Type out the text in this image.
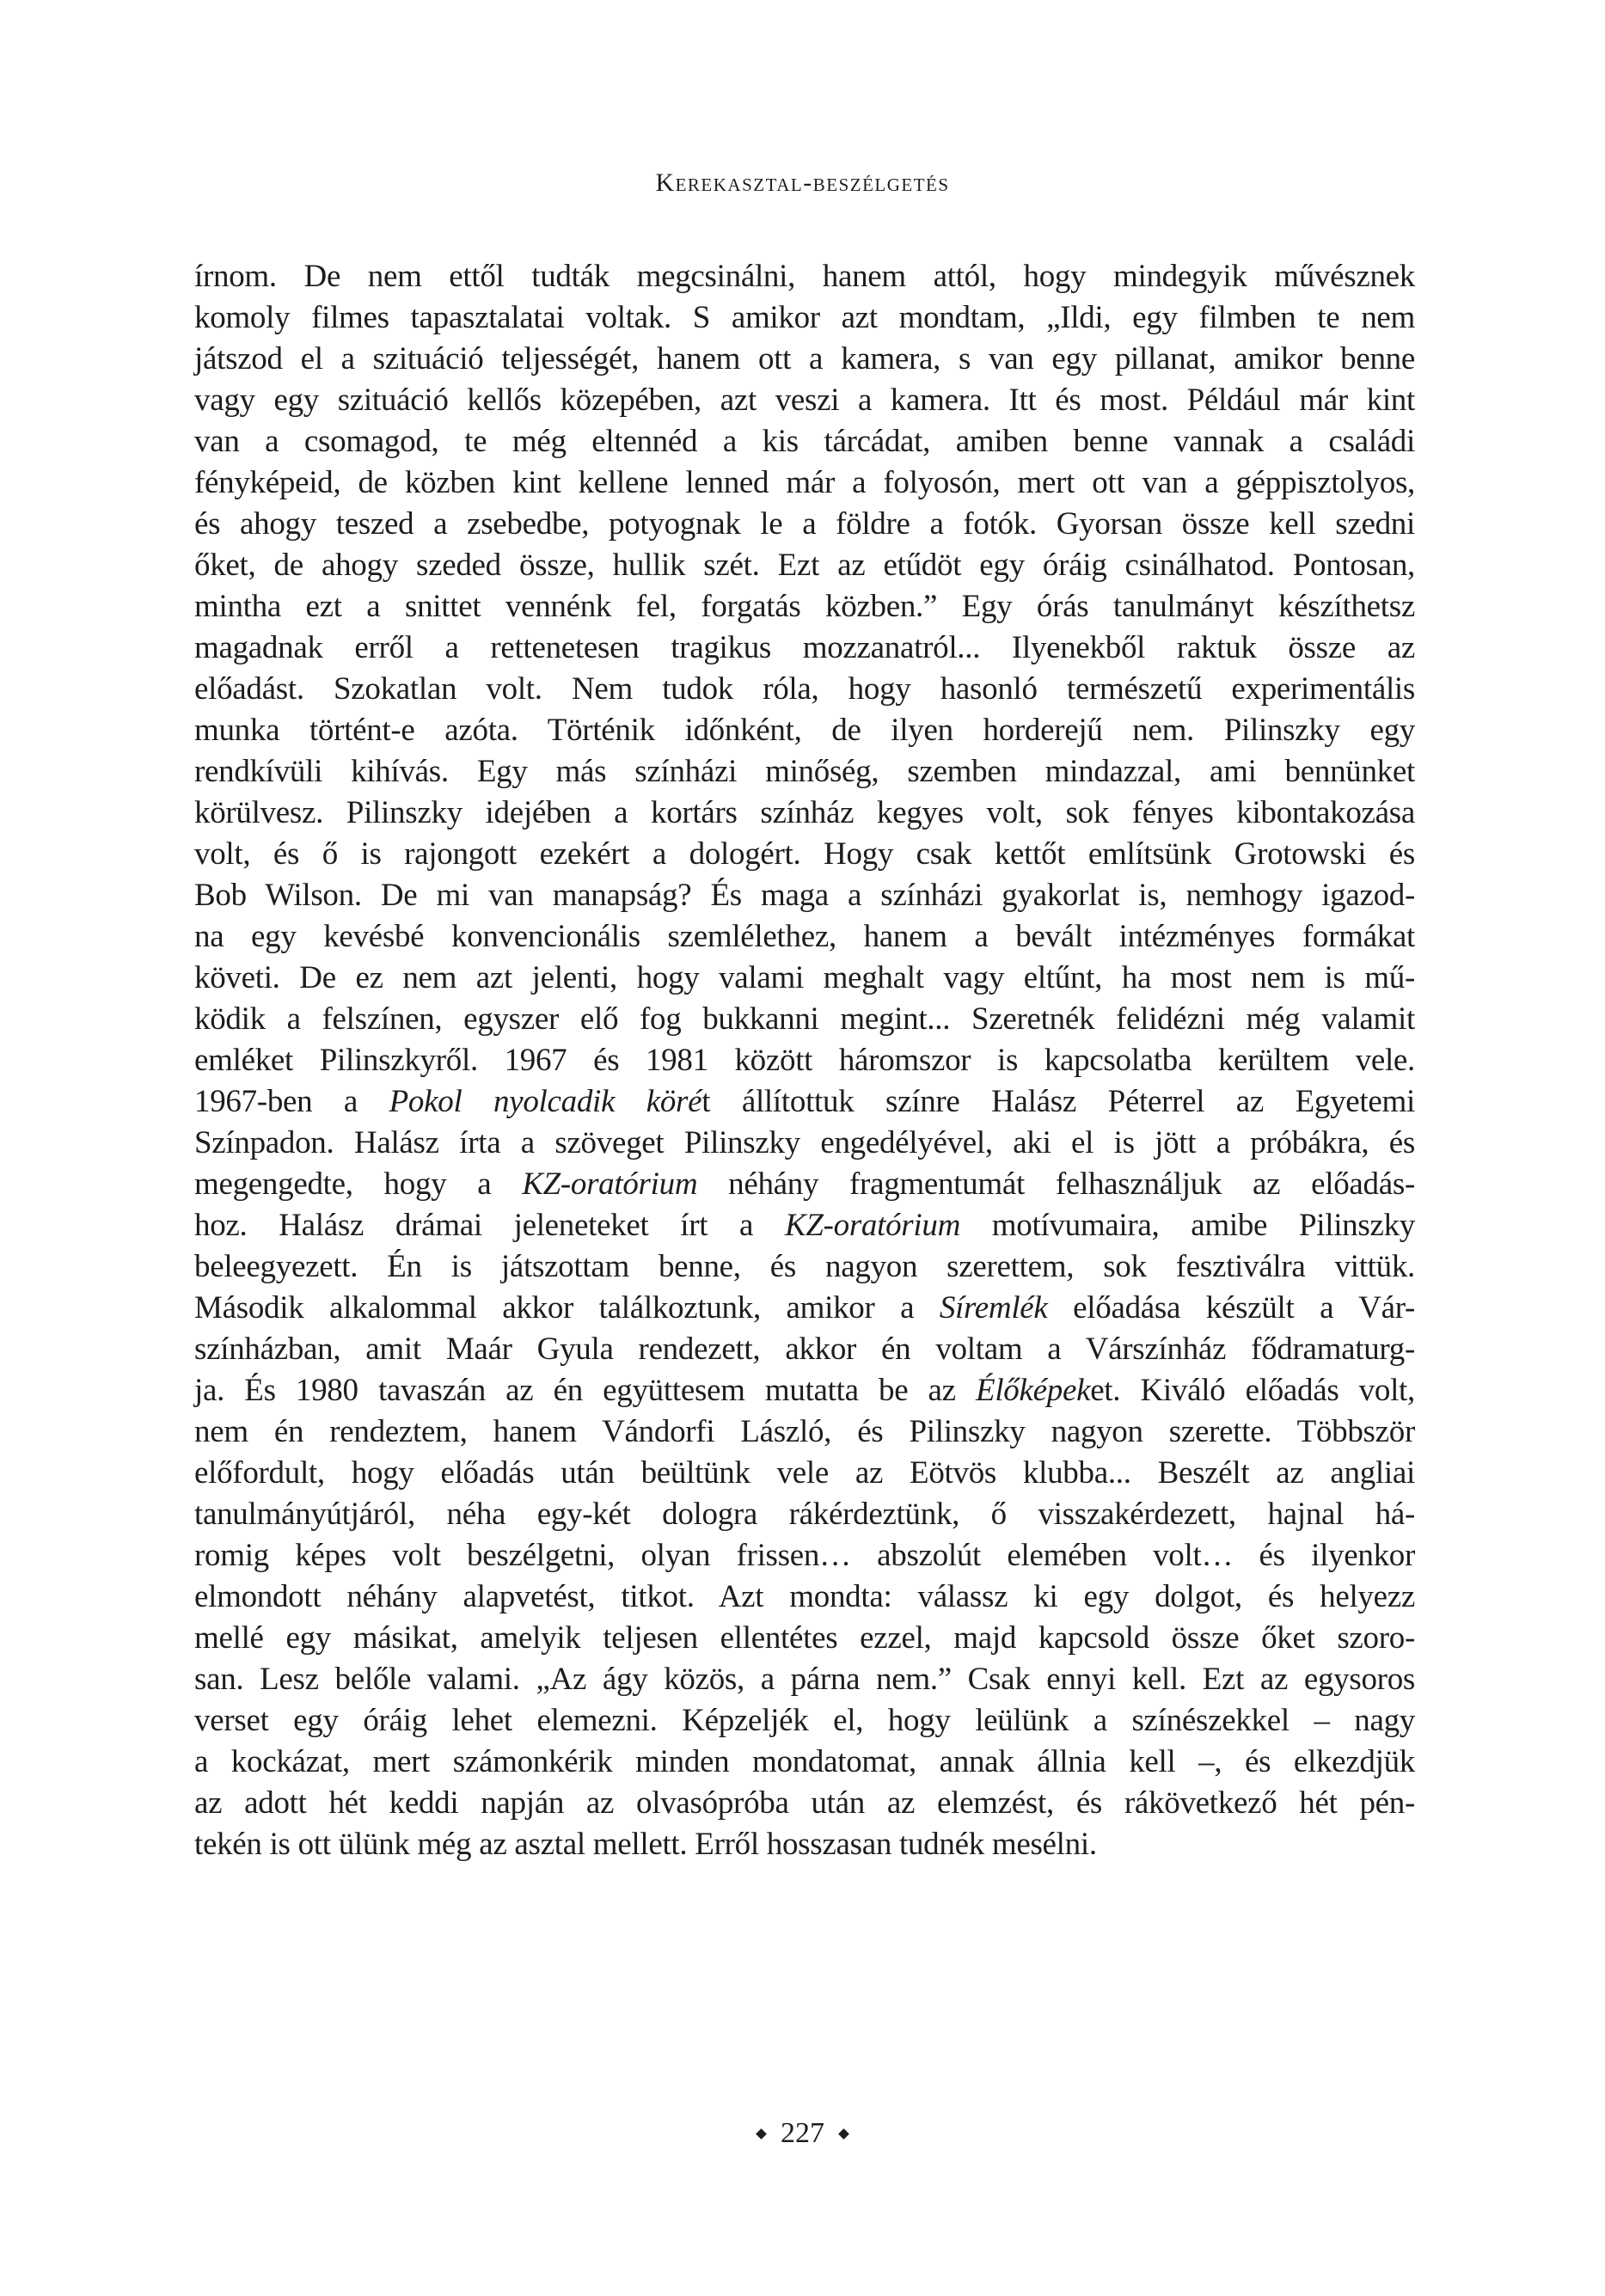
Kerekasztal-beszélgetés
írnom. De nem ettől tudták megcsinálni, hanem attól, hogy mindegyik művésznek
komoly filmes tapasztalatai voltak. S amikor azt mondtam, „Ildi, egy filmben te nem
játszod el a szituáció teljességét, hanem ott a kamera, s van egy pillanat, amikor benne
vagy egy szituáció kellős közepében, azt veszi a kamera. Itt és most. Például már kint
van a csomagod, te még eltennéd a kis tárcádat, amiben benne vannak a családi
fényképeid, de közben kint kellene lenned már a folyosón, mert ott van a géppisztolyos,
és ahogy teszed a zsebedbe, potyognak le a földre a fotók. Gyorsan össze kell szedni
őket, de ahogy szeded össze, hullik szét. Ezt az etűdöt egy óráig csinálhatod. Pontosan,
mintha ezt a snittet vennénk fel, forgatás közben.” Egy órás tanulmányt készíthetsz
magadnak erről a rettenetesen tragikus mozzanatról... Ilyenekből raktuk össze az
előadást. Szokatlan volt. Nem tudok róla, hogy hasonló természetű experimentális
munka történt-e azóta. Történik időnként, de ilyen horderejű nem. Pilinszky egy
rendkívüli kihívás. Egy más színházi minőség, szemben mindazzal, ami bennünket
körülvesz. Pilinszky idejében a kortárs színház kegyes volt, sok fényes kibontakozása
volt, és ő is rajongott ezekért a dologért. Hogy csak kettőt említsünk Grotowski és
Bob Wilson. De mi van manapság? És maga a színházi gyakorlat is, nemhogy igazod-
na egy kevésbé konvencionális szemlélethez, hanem a bevált intézményes formákat
követi. De ez nem azt jelenti, hogy valami meghalt vagy eltűnt, ha most nem is mű-
ködik a felszínen, egyszer elő fog bukkanni megint... Szeretnék felidézni még valamit
emléket Pilinszkyről. 1967 és 1981 között háromszor is kapcsolatba kerültem vele.
1967-ben a Pokol nyolcadik körét állítottuk színre Halász Péterrel az Egyetemi
Színpadon. Halász írta a szöveget Pilinszky engedélyével, aki el is jött a próbákra, és
megengedte, hogy a KZ-oratórium néhány fragmentumát felhasználjuk az előadás-
hoz. Halász drámai jeleneteket írt a KZ-oratórium motívumaira, amibe Pilinszky
beleegyezett. Én is játszottam benne, és nagyon szerettem, sok fesztiválra vittük.
Második alkalommal akkor találkoztunk, amikor a Síremlék előadása készült a Vár-
színházban, amit Maár Gyula rendezett, akkor én voltam a Várszínház fődramaturg-
ja. És 1980 tavaszán az én együttesem mutatta be az Élőképeket. Kiváló előadás volt,
nem én rendeztem, hanem Vándorfi László, és Pilinszky nagyon szerette. Többször
előfordult, hogy előadás után beültünk vele az Eötvös klubba... Beszélt az angliai
tanulmányútjáról, néha egy-két dologra rákérdeztünk, ő visszakérdezett, hajnal há-
romig képes volt beszélgetni, olyan frissen… abszolút elemében volt… és ilyenkor
elmondott néhány alapvetést, titkot. Azt mondta: válassz ki egy dolgot, és helyezz
mellé egy másikat, amelyik teljesen ellentétes ezzel, majd kapcsold össze őket szoro-
san. Lesz belőle valami. „Az ágy közös, a párna nem.” Csak ennyi kell. Ezt az egysoros
verset egy óráig lehet elemezni. Képzeljék el, hogy leülünk a színészekkel – nagy
a kockázat, mert számonkérik minden mondatomat, annak állnia kell –, és elkezdjük
az adott hét keddi napján az olvasópróba után az elemzést, és rákövetkező hét pén-
tekén is ott ülünk még az asztal mellett. Erről hosszasan tudnék mesélni.
227
